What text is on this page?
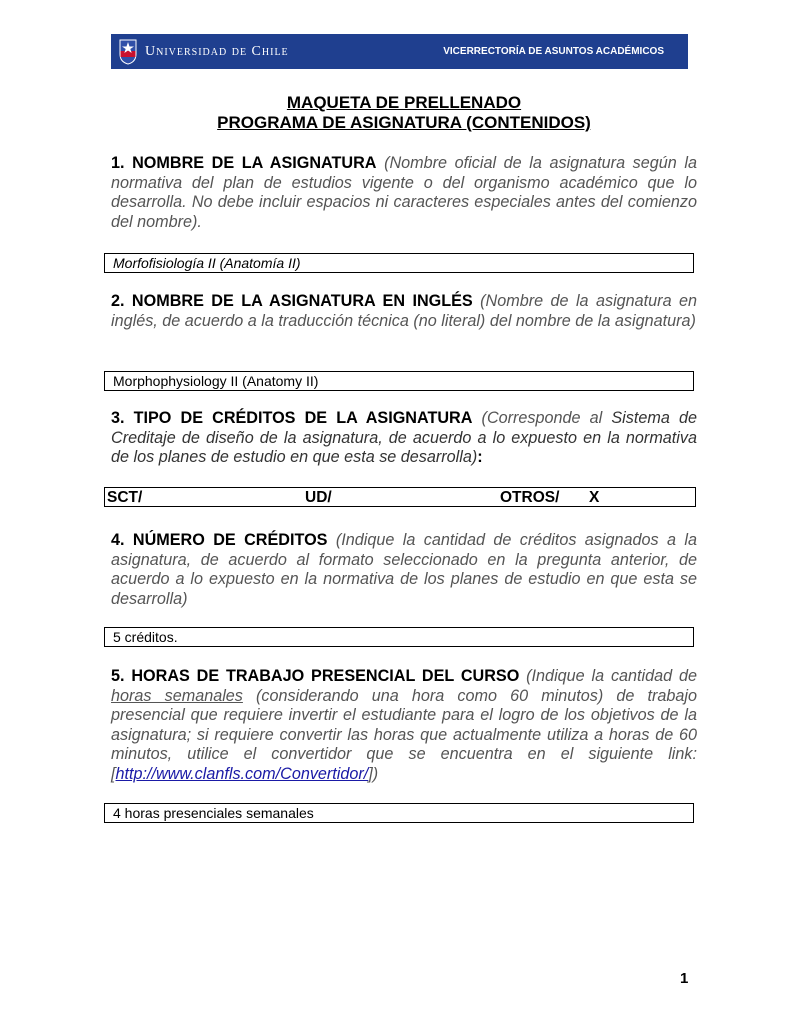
Universidad de Chile	VICERRECTORÍA DE ASUNTOS ACADÉMICOS
MAQUETA DE PRELLENADO
PROGRAMA DE ASIGNATURA (CONTENIDOS)
1. NOMBRE DE LA ASIGNATURA (Nombre oficial de la asignatura según la normativa del plan de estudios vigente o del organismo académico que lo desarrolla. No debe incluir espacios ni caracteres especiales antes del comienzo del nombre).
Morfofisiología II (Anatomía II)
2. NOMBRE DE LA ASIGNATURA EN INGLÉS (Nombre de la asignatura en inglés, de acuerdo a la traducción técnica (no literal) del nombre de la asignatura)
Morphophysiology II (Anatomy II)
3. TIPO DE CRÉDITOS DE LA ASIGNATURA (Corresponde al Sistema de Creditaje de diseño de la asignatura, de acuerdo a lo expuesto en la normativa de los planes de estudio en que esta se desarrolla):
SCT/	UD/	OTROS/ X
4. NÚMERO DE CRÉDITOS (Indique la cantidad de créditos asignados a la asignatura, de acuerdo al formato seleccionado en la pregunta anterior, de acuerdo a lo expuesto en la normativa de los planes de estudio en que esta se desarrolla)
5 créditos.
5. HORAS DE TRABAJO PRESENCIAL DEL CURSO (Indique la cantidad de horas semanales (considerando una hora como 60 minutos) de trabajo presencial que requiere invertir el estudiante para el logro de los objetivos de la asignatura; si requiere convertir las horas que actualmente utiliza a horas de 60 minutos, utilice el convertidor que se encuentra en el siguiente link: [http://www.clanfls.com/Convertidor/])
4 horas presenciales semanales
1
